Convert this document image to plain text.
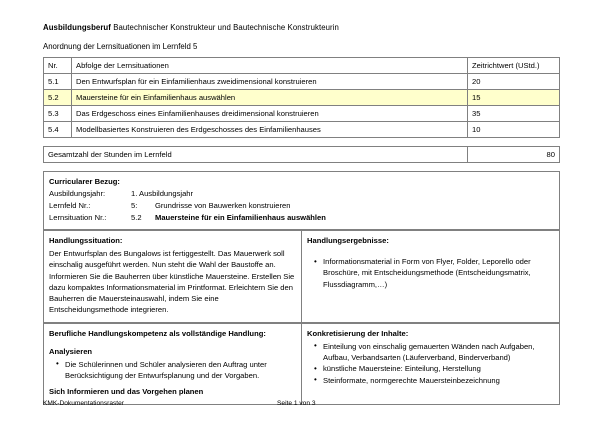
Ausbildungsberuf Bautechnischer Konstrukteur und Bautechnische Konstrukteurin

Anordnung der Lernsituationen im Lernfeld 5

Nr.	Abfolge der Lernsituationen	Zeitrichtwert (UStd.)
5.1	Den Entwurfsplan für ein Einfamilienhaus zweidimensional konstruieren	20
5.2	Mauersteine für ein Einfamilienhaus auswählen	15
5.3	Das Erdgeschoss eines Einfamilienhauses dreidimensional konstruieren	35
5.4	Modellbasiertes Konstruieren des Erdgeschosses des Einfamilienhauses	10
Gesamtzahl der Stunden im Lernfeld	80
Curricularer Bezug:
Ausbildungsjahr:	1. Ausbildungsjahr
Lernfeld Nr.:	5: Grundrisse von Bauwerken konstruieren
Lernsituation Nr.:	5.2 Mauersteine für ein Einfamilienhaus auswählen
Handlungssituation:
Der Entwurfsplan des Bungalows ist fertiggestellt. Das Mauerwerk soll einschalig ausgeführt werden. Nun steht die Wahl der Baustoffe an.
Informieren Sie die Bauherren über künstliche Mauersteine. Erstellen Sie dazu kompaktes Informationsmaterial im Printformat. Erleichtern Sie den Bauherren die Mauersteinauswahl, indem Sie eine Entscheidungsmethode integrieren.

Handlungsergebnisse:
• Informationsmaterial in Form von Flyer, Folder, Leporello oder Broschüre, mit Entscheidungsmethode (Entscheidungsmatrix, Flussdiagramm,…)
Berufliche Handlungskompetenz als vollständige Handlung:
Analysieren
• Die Schülerinnen und Schüler analysieren den Auftrag unter Berücksichtigung der Entwurfsplanung und der Vorgaben.
Sich Informieren und das Vorgehen planen

Konkretisierung der Inhalte:
• Einteilung von einschalig gemauerten Wänden nach Aufgaben, Aufbau, Verbandsarten (Läuferverband, Binderverband)
• künstliche Mauersteine: Einteilung, Herstellung
• Steinformate, normgerechte Mauersteinbezeichnung
KMK-Dokumentationsraster	Seite 1 von 3
